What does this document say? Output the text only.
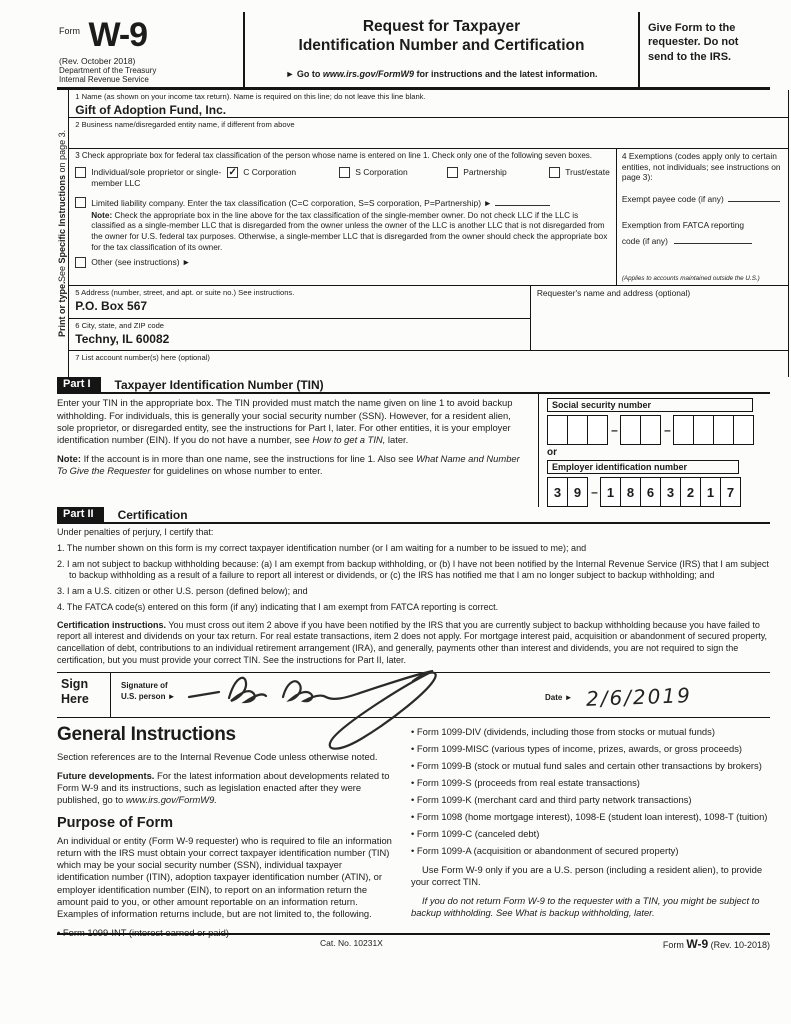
Form W-9
(Rev. October 2018)
Department of the Treasury
Internal Revenue Service
Request for Taxpayer
Identification Number and Certification
► Go to www.irs.gov/FormW9 for instructions and the latest information.
Give Form to the requester. Do not send to the IRS.
Print or type.
See Specific Instructions on page 3.
1 Name (as shown on your income tax return). Name is required on this line; do not leave this line blank.
Gift of Adoption Fund, Inc.
2 Business name/disregarded entity name, if different from above
3 Check appropriate box for federal tax classification of the person whose name is entered on line 1. Check only one of the following seven boxes.
Individual/sole proprietor or single-member LLC
✓ C Corporation	S Corporation	Partnership	Trust/estate
Limited liability company. Enter the tax classification (C=C corporation, S=S corporation, P=Partnership) ►
Note: Check the appropriate box in the line above for the tax classification of the single-member owner. Do not check LLC if the LLC is classified as a single-member LLC that is disregarded from the owner unless the owner of the LLC is another LLC that is not disregarded from the owner for U.S. federal tax purposes. Otherwise, a single-member LLC that is disregarded from the owner should check the appropriate box for the tax classification of its owner.
Other (see instructions) ►
4 Exemptions (codes apply only to certain entities, not individuals; see instructions on page 3):
Exempt payee code (if any)
Exemption from FATCA reporting
code (if any)
(Applies to accounts maintained outside the U.S.)
5 Address (number, street, and apt. or suite no.) See instructions.
P.O. Box 567
6 City, state, and ZIP code
Techny, IL 60082
Requester's name and address (optional)
7 List account number(s) here (optional)
Part I	Taxpayer Identification Number (TIN)

Enter your TIN in the appropriate box. The TIN provided must match the name given on line 1 to avoid backup withholding. For individuals, this is generally your social security number (SSN). However, for a resident alien, sole proprietor, or disregarded entity, see the instructions for Part I, later. For other entities, it is your employer identification number (EIN). If you do not have a number, see How to get a TIN, later.

Note: If the account is in more than one name, see the instructions for line 1. Also see What Name and Number To Give the Requester for guidelines on whose number to enter.

Social security number
–	–
or
Employer identification number
3 9 – 1 8 6 3 2 1 7
Part II	Certification
Under penalties of perjury, I certify that:
1. The number shown on this form is my correct taxpayer identification number (or I am waiting for a number to be issued to me); and
2. I am not subject to backup withholding because: (a) I am exempt from backup withholding, or (b) I have not been notified by the Internal Revenue Service (IRS) that I am subject to backup withholding as a result of a failure to report all interest or dividends, or (c) the IRS has notified me that I am no longer subject to backup withholding; and
3. I am a U.S. citizen or other U.S. person (defined below); and
4. The FATCA code(s) entered on this form (if any) indicating that I am exempt from FATCA reporting is correct.
Certification instructions. You must cross out item 2 above if you have been notified by the IRS that you are currently subject to backup withholding because you have failed to report all interest and dividends on your tax return. For real estate transactions, item 2 does not apply. For mortgage interest paid, acquisition or abandonment of secured property, cancellation of debt, contributions to an individual retirement arrangement (IRA), and generally, payments other than interest and dividends, you are not required to sign the certification, but you must provide your correct TIN. See the instructions for Part II, later.
Sign
Here
Signature of
U.S. person ►	Date ► 2/6/2019
General Instructions
Section references are to the Internal Revenue Code unless otherwise noted.
Future developments. For the latest information about developments related to Form W-9 and its instructions, such as legislation enacted after they were published, go to www.irs.gov/FormW9.
Purpose of Form
An individual or entity (Form W-9 requester) who is required to file an information return with the IRS must obtain your correct taxpayer identification number (TIN) which may be your social security number (SSN), individual taxpayer identification number (ITIN), adoption taxpayer identification number (ATIN), or employer identification number (EIN), to report on an information return the amount paid to you, or other amount reportable on an information return. Examples of information returns include, but are not limited to, the following.
• Form 1099-INT (interest earned or paid)
• Form 1099-DIV (dividends, including those from stocks or mutual funds)
• Form 1099-MISC (various types of income, prizes, awards, or gross proceeds)
• Form 1099-B (stock or mutual fund sales and certain other transactions by brokers)
• Form 1099-S (proceeds from real estate transactions)
• Form 1099-K (merchant card and third party network transactions)
• Form 1098 (home mortgage interest), 1098-E (student loan interest), 1098-T (tuition)
• Form 1099-C (canceled debt)
• Form 1099-A (acquisition or abandonment of secured property)
Use Form W-9 only if you are a U.S. person (including a resident alien), to provide your correct TIN.
If you do not return Form W-9 to the requester with a TIN, you might be subject to backup withholding. See What is backup withholding, later.
Cat. No. 10231X	Form W-9 (Rev. 10-2018)
